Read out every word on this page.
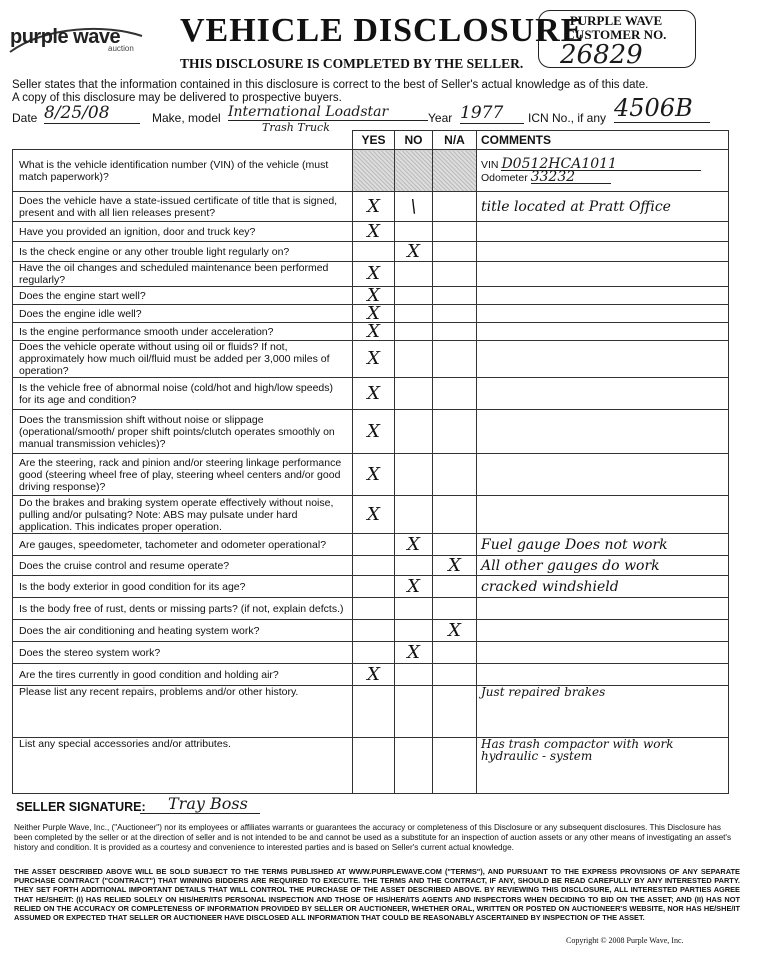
purple wave
auction VEHICLE DISCLOSURE
THIS DISCLOSURE IS COMPLETED BY THE SELLER.
PURPLE WAVE CUSTOMER NO.
26829
Seller states that the information contained in this disclosure is correct to the best of Seller's actual knowledge as of this date.
A copy of this disclosure may be delivered to prospective buyers.
Date 8/25/08	Make, model International Loadstar
Trash Truck
Year 1977	ICN No., if any 4506B
	YES	NO	N/A	COMMENTS
What is the vehicle identification number (VIN) of the vehicle (must match paperwork)?				VIN D0512HCA1011
Odometer 33232

Does the vehicle have a state-issued certificate of title that is signed, present and with all lien releases present?	X	\		title located at Pratt Office
Have you provided an ignition, door and truck key?	X			
Is the check engine or any other trouble light regularly on?		X		
Have the oil changes and scheduled maintenance been performed regularly?	X			
Does the engine start well?	X			
Does the engine idle well?	X			
Is the engine performance smooth under acceleration?	X			
Does the vehicle operate without using oil or fluids? If not, approximately how much oil/fluid must be added per 3,000 miles of operation?	X			
Is the vehicle free of abnormal noise (cold/hot and high/low speeds) for its age and condition?	X			
Does the transmission shift without noise or slippage (operational/smooth/ proper shift points/clutch operates smoothly on manual transmission vehicles)?	X			
Are the steering, rack and pinion and/or steering linkage performance good (steering wheel free of play, steering wheel centers and/or good driving response)?	X			
Do the brakes and braking system operate effectively without noise, pulling and/or pulsating? Note: ABS may pulsate under hard application. This indicates proper operation.	X			
Are gauges, speedometer, tachometer and odometer operational?		X		Fuel gauge Does not work
Does the cruise control and resume operate?			X	All other gauges do work
Is the body exterior in good condition for its age?		X		cracked windshield
Is the body free of rust, dents or missing parts? (if not, explain defcts.)				
Does the air conditioning and heating system work?			X	
Does the stereo system work?		X		
Are the tires currently in good condition and holding air?	X			
Please list any recent repairs, problems and/or other history.				Just repaired brakes
List any special accessories and/or attributes.				Has trash compactor with work hydraulic - system
SELLER SIGNATURE: Tray Boss
Neither Purple Wave, Inc., ("Auctioneer") nor its employees or affiliates warrants or guarantees the accuracy or completeness of this Disclosure or any subsequent disclosures. This Disclosure has been completed by the seller or at the direction of seller and is not intended to be and cannot be used as a substitute for an inspection of auction assets or any other means of investigating an asset's history and condition. It is provided as a courtesy and convenience to interested parties and is based on Seller's current actual knowledge.
THE ASSET DESCRIBED ABOVE WILL BE SOLD SUBJECT TO THE TERMS PUBLISHED AT WWW.PURPLEWAVE.COM ("TERMS"), AND PURSUANT TO THE EXPRESS PROVISIONS OF ANY SEPARATE PURCHASE CONTRACT ("CONTRACT") THAT WINNING BIDDERS ARE REQUIRED TO EXECUTE. THE TERMS AND THE CONTRACT, IF ANY, SHOULD BE READ CAREFULLY BY ANY INTERESTED PARTY. THEY SET FORTH ADDITIONAL IMPORTANT DETAILS THAT WILL CONTROL THE PURCHASE OF THE ASSET DESCRIBED ABOVE. BY REVIEWING THIS DISCLOSURE, ALL INTERESTED PARTIES AGREE THAT HE/SHE/IT: (I) HAS RELIED SOLELY ON HIS/HER/ITS PERSONAL INSPECTION AND THOSE OF HIS/HER/ITS AGENTS AND INSPECTORS WHEN DECIDING TO BID ON THE ASSET; AND (II) HAS NOT RELIED ON THE ACCURACY OR COMPLETENESS OF INFORMATION PROVIDED BY SELLER OR AUCTIONEER, WHETHER ORAL, WRITTEN OR POSTED ON AUCTIONEER'S WEBSITE, NOR HAS HE/SHE/IT ASSUMED OR EXPECTED THAT SELLER OR AUCTIONEER HAVE DISCLOSED ALL INFORMATION THAT COULD BE REASONABLY ASCERTAINED BY INSPECTION OF THE ASSET.
Copyright © 2008 Purple Wave, Inc.
